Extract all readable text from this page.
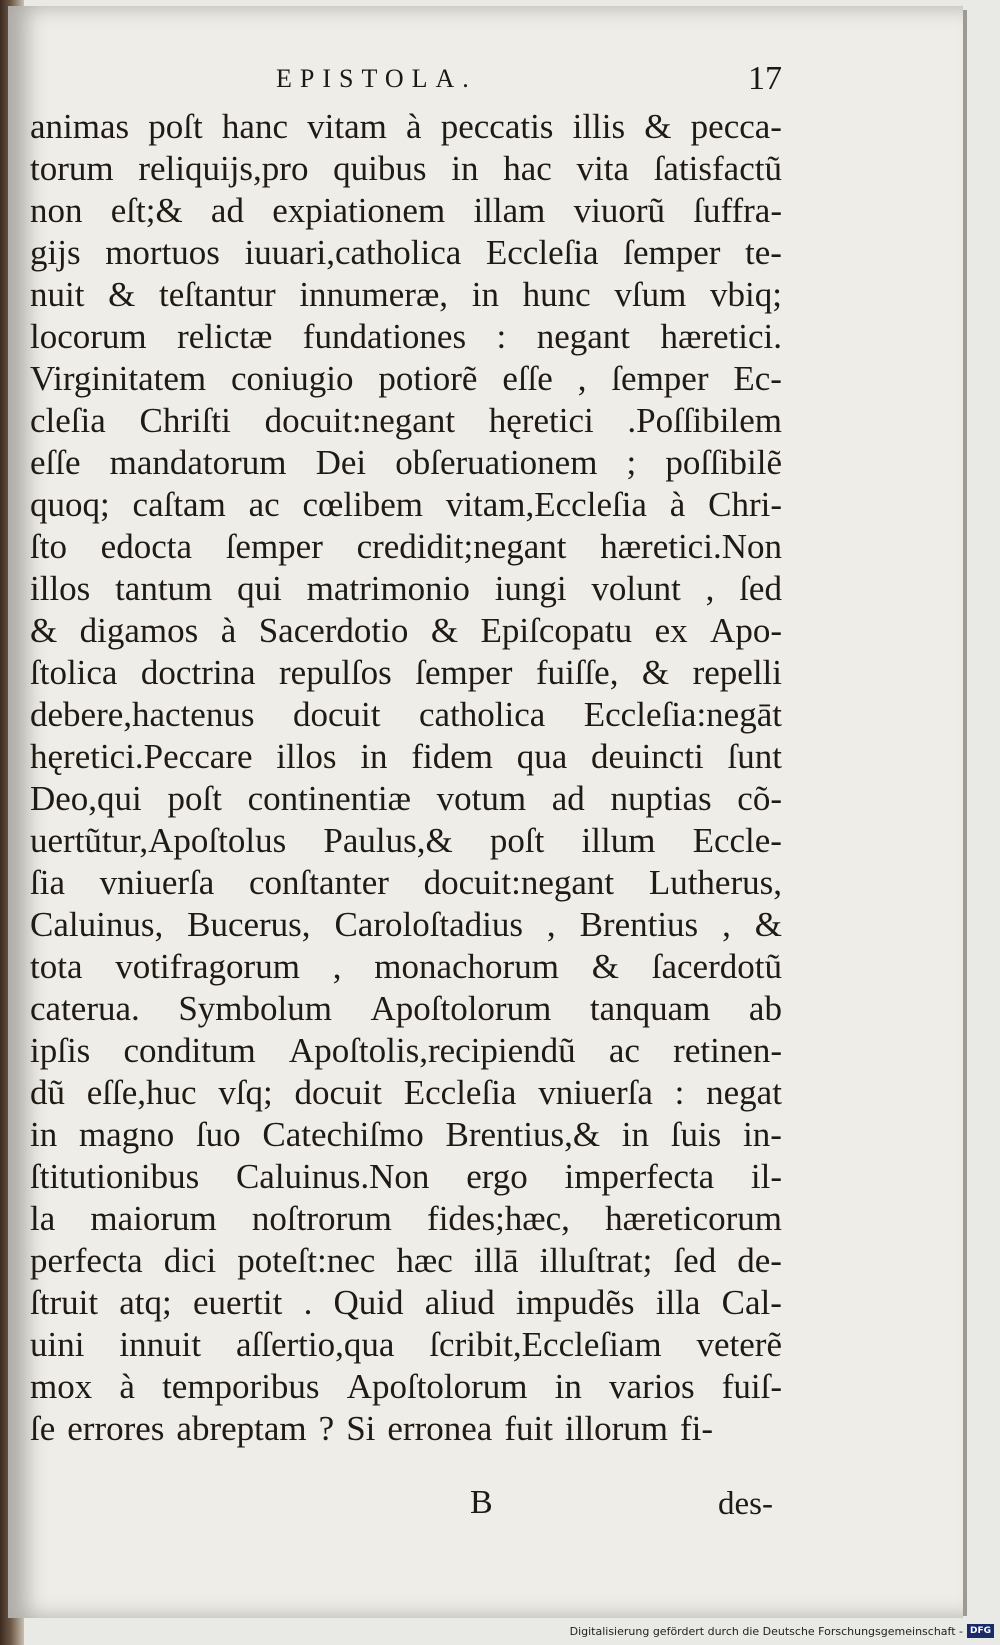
EPISTOLA.	17
animas poſt hanc vitam à peccatis illis & pecca-
torum reliquijs,pro quibus in hac vita ſatisfactũ
non eſt;& ad expiationem illam viuorũ ſuffra-
gijs mortuos iuuari,catholica Eccleſia ſemper te-
nuit & teſtantur innumeræ, in hunc vſum vbiq;
locorum relictæ fundationes : negant hæretici.
Virginitatem coniugio potiorẽ eſſe , ſemper Ec-
cleſia Chriſti docuit:negant hęretici .Poſſibilem
eſſe mandatorum Dei obſeruationem ; poſſibilẽ
quoq; caſtam ac cœlibem vitam,Eccleſia à Chri-
ſto edocta ſemper credidit;negant hæretici.Non
illos tantum qui matrimonio iungi volunt , ſed
& digamos à Sacerdotio & Epiſcopatu ex Apo-
ſtolica doctrina repulſos ſemper fuiſſe, & repelli
debere,hactenus docuit catholica Eccleſia:negāt
hęretici.Peccare illos in fidem qua deuincti ſunt
Deo,qui poſt continentiæ votum ad nuptias cõ-
uertũtur,Apoſtolus Paulus,& poſt illum Eccle-
ſia vniuerſa conſtanter docuit:negant Lutherus,
Caluinus, Bucerus, Caroloſtadius , Brentius , &
tota votifragorum , monachorum & ſacerdotũ
caterua. Symbolum Apoſtolorum tanquam ab
ipſis conditum Apoſtolis,recipiendũ ac retinen-
dũ eſſe,huc vſq; docuit Eccleſia vniuerſa : negat
in magno ſuo Catechiſmo Brentius,& in ſuis in-
ſtitutionibus Caluinus.Non ergo imperfecta il-
la maiorum noſtrorum fides;hæc, hæreticorum
perfecta dici poteſt:nec hæc illā illuſtrat; ſed de-
ſtruit atq; euertit . Quid aliud impudẽs illa Cal-
uini innuit aſſertio,qua ſcribit,Eccleſiam veterẽ
mox à temporibus Apoſtolorum in varios fuiſ-
ſe errores abreptam ? Si erronea fuit illorum fi-
B	des-
Digitalisierung gefördert durch die Deutsche Forschungsgemeinschaft - DFG
